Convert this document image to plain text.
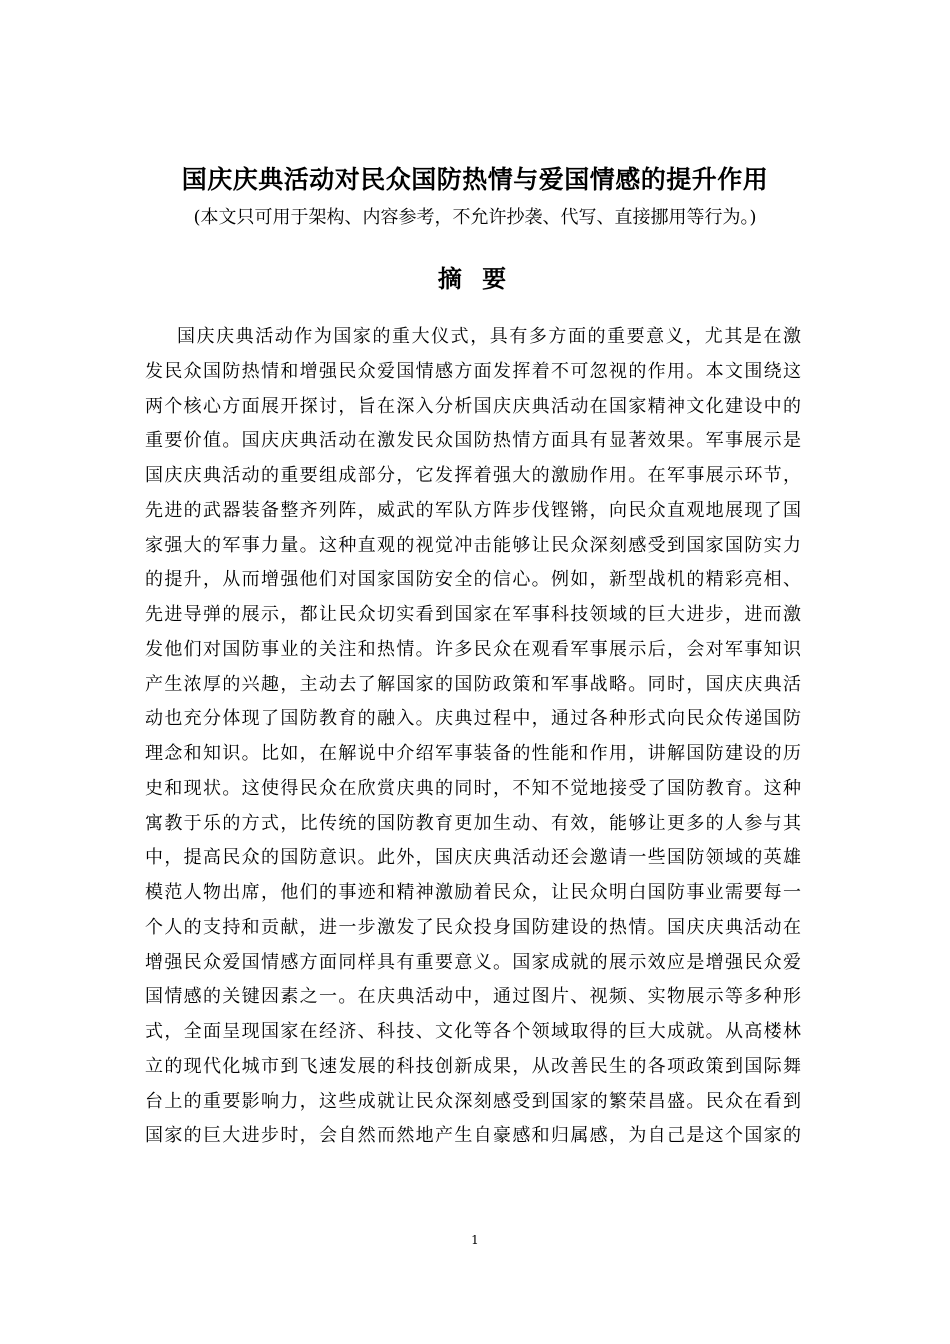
国庆庆典活动对民众国防热情与爱国情感的提升作用
(本文只可用于架构、内容参考，不允许抄袭、代写、直接挪用等行为。)
摘 要
国庆庆典活动作为国家的重大仪式，具有多方面的重要意义，尤其是在激
发民众国防热情和增强民众爱国情感方面发挥着不可忽视的作用。本文围绕这
两个核心方面展开探讨，旨在深入分析国庆庆典活动在国家精神文化建设中的
重要价值。国庆庆典活动在激发民众国防热情方面具有显著效果。军事展示是
国庆庆典活动的重要组成部分，它发挥着强大的激励作用。在军事展示环节，
先进的武器装备整齐列阵，威武的军队方阵步伐铿锵，向民众直观地展现了国
家强大的军事力量。这种直观的视觉冲击能够让民众深刻感受到国家国防实力
的提升，从而增强他们对国家国防安全的信心。例如，新型战机的精彩亮相、
先进导弹的展示，都让民众切实看到国家在军事科技领域的巨大进步，进而激
发他们对国防事业的关注和热情。许多民众在观看军事展示后，会对军事知识
产生浓厚的兴趣，主动去了解国家的国防政策和军事战略。同时，国庆庆典活
动也充分体现了国防教育的融入。庆典过程中，通过各种形式向民众传递国防
理念和知识。比如，在解说中介绍军事装备的性能和作用，讲解国防建设的历
史和现状。这使得民众在欣赏庆典的同时，不知不觉地接受了国防教育。这种
寓教于乐的方式，比传统的国防教育更加生动、有效，能够让更多的人参与其
中，提高民众的国防意识。此外，国庆庆典活动还会邀请一些国防领域的英雄
模范人物出席，他们的事迹和精神激励着民众，让民众明白国防事业需要每一
个人的支持和贡献，进一步激发了民众投身国防建设的热情。国庆庆典活动在
增强民众爱国情感方面同样具有重要意义。国家成就的展示效应是增强民众爱
国情感的关键因素之一。在庆典活动中，通过图片、视频、实物展示等多种形
式，全面呈现国家在经济、科技、文化等各个领域取得的巨大成就。从高楼林
立的现代化城市到飞速发展的科技创新成果，从改善民生的各项政策到国际舞
台上的重要影响力，这些成就让民众深刻感受到国家的繁荣昌盛。民众在看到
国家的巨大进步时，会自然而然地产生自豪感和归属感，为自己是这个国家的
1
